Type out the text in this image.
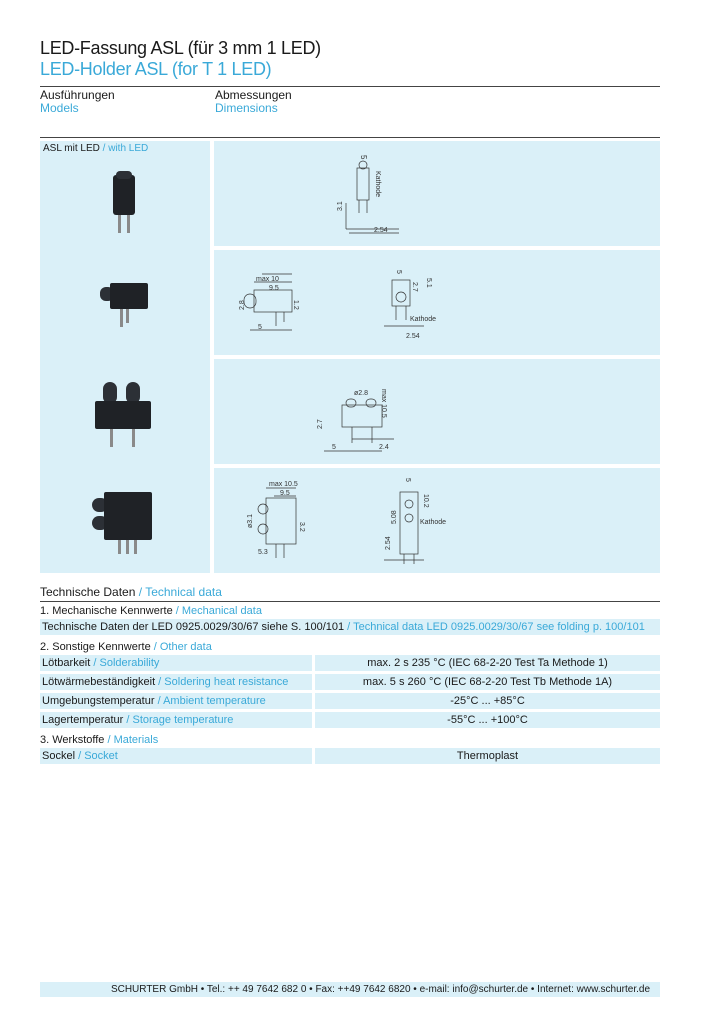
LED-Fassung ASL (für 3 mm 1 LED)
LED-Holder ASL (for T 1 LED)
Ausführungen
Models
Abmessungen
Dimensions
ASL mit LED / with LED
5
Kathode
3.1
2.54
max 10
9.5
2.8	1.2
5
5
2.7 5.1
Kathode
2.54
max 10.5
ø2.8
2.7
5	2.4
max 10.5
9.5
ø3.1	3.2
5.3
5
10.2
2.54
5.08	Kathode
Technische Daten / Technical data
1. Mechanische Kennwerte / Mechanical data
Technische Daten der LED 0925.0029/30/67 siehe S. 100/101 / Technical data LED 0925.0029/30/67 see folding p. 100/101
2. Sonstige Kennwerte / Other data
Lötbarkeit / Solderability	max. 2 s 235 °C (IEC 68-2-20 Test Ta Methode 1)
Lötwärmebeständigkeit / Soldering heat resistance	max. 5 s 260 °C (IEC 68-2-20 Test Tb Methode 1A)
Umgebungstemperatur / Ambient temperature	-25°C ... +85°C
Lagertemperatur / Storage temperature	-55°C ... +100°C
3. Werkstoffe / Materials
Sockel / Socket	Thermoplast
SCHURTER GmbH • Tel.: ++ 49 7642 682 0 • Fax: ++49 7642 6820 • e-mail: info@schurter.de • Internet: www.schurter.de
